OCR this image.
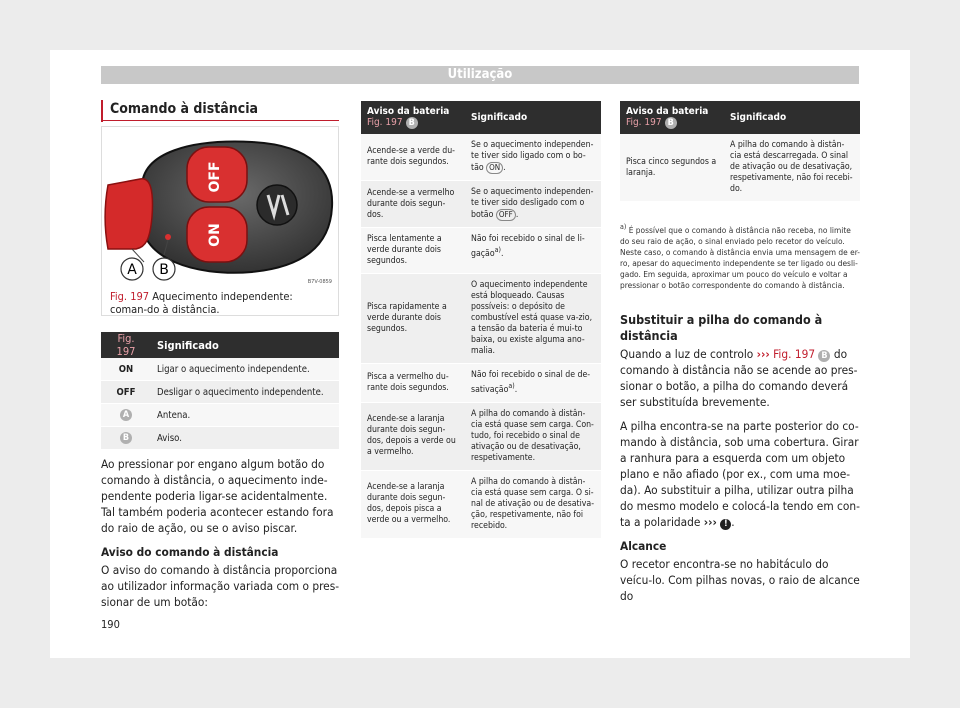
Utilização
Comando à distância
OFF
ON
A B
B7V-0859
Fig. 197 Aquecimento independente: coman-do à distância.
Fig. 197	Significado
ON	Ligar o aquecimento independente.
OFF	Desligar o aquecimento independente.
A	Antena.
B	Aviso.

Ao pressionar por engano algum botão do comando à distância, o aquecimento inde-pendente poderia ligar-se acidentalmente. Tal também poderia acontecer estando fora do raio de ação, ou se o aviso piscar.

Aviso do comando à distância

O aviso do comando à distância proporciona ao utilizador informação variada com o pres-sionar de um botão:

Aviso da bateria
Fig. 197 B	Significado
Acende-se a verde du-rante dois segundos.	Se o aquecimento independen-te tiver sido ligado com o bo-tão ON .
Acende-se a vermelho durante dois segun-dos.	Se o aquecimento independen-te tiver sido desligado com o botão OFF .
Pisca lentamente a verde durante dois segundos.	Não foi recebido o sinal de li-gação$^{a)}$.
Pisca rapidamente a verde durante dois segundos.	O aquecimento independente está bloqueado. Causas possíveis: o depósito de combustível está quase va-zio, a tensão da bateria é mui-to baixa, ou existe alguma ano-malia.
Pisca a vermelho du-rante dois segundos.	Não foi recebido o sinal de de-sativação$^{a)}$.
Acende-se a laranja durante dois segun-dos, depois a verde ou a vermelho.	A pilha do comando à distân-cia está quase sem carga. Con-tudo, foi recebido o sinal de ativação ou de desativação, respetivamente.
Acende-se a laranja durante dois segun-dos, depois pisca a verde ou a vermelho.	A pilha do comando à distân-cia está quase sem carga. O si-nal de ativação ou de desativa-ção, respetivamente, não foi recebido.
Aviso da bateria
Fig. 197 B	Significado
Pisca cinco segundos a laranja.	A pilha do comando à distân-cia está descarregada. O sinal de ativação ou de desativação, respetivamente, não foi recebi-do.
$^{a)}$ É possível que o comando à distância não receba, no limite do seu raio de ação, o sinal enviado pelo recetor do veículo. Neste caso, o comando à distância envia uma mensagem de er-ro, apesar do aquecimento independente se ter ligado ou desli-gado. Em seguida, aproximar um pouco do veículo e voltar a pressionar o botão correspondente do comando à distância.
Substituir a pilha do comando à distância

Quando a luz de controlo ››› Fig. 197 B do comando à distância não se acende ao pres-sionar o botão, a pilha do comando deverá ser substituída brevemente.

A pilha encontra-se na parte posterior do co-mando à distância, sob uma cobertura. Girar a ranhura para a esquerda com um objeto plano e não afiado (por ex., com uma moe-da). Ao substituir a pilha, utilizar outra pilha do mesmo modelo e colocá-la tendo em con-ta a polaridade ››› ! .

Alcance

O recetor encontra-se no habitáculo do veícu-lo. Com pilhas novas, o raio de alcance do

190
